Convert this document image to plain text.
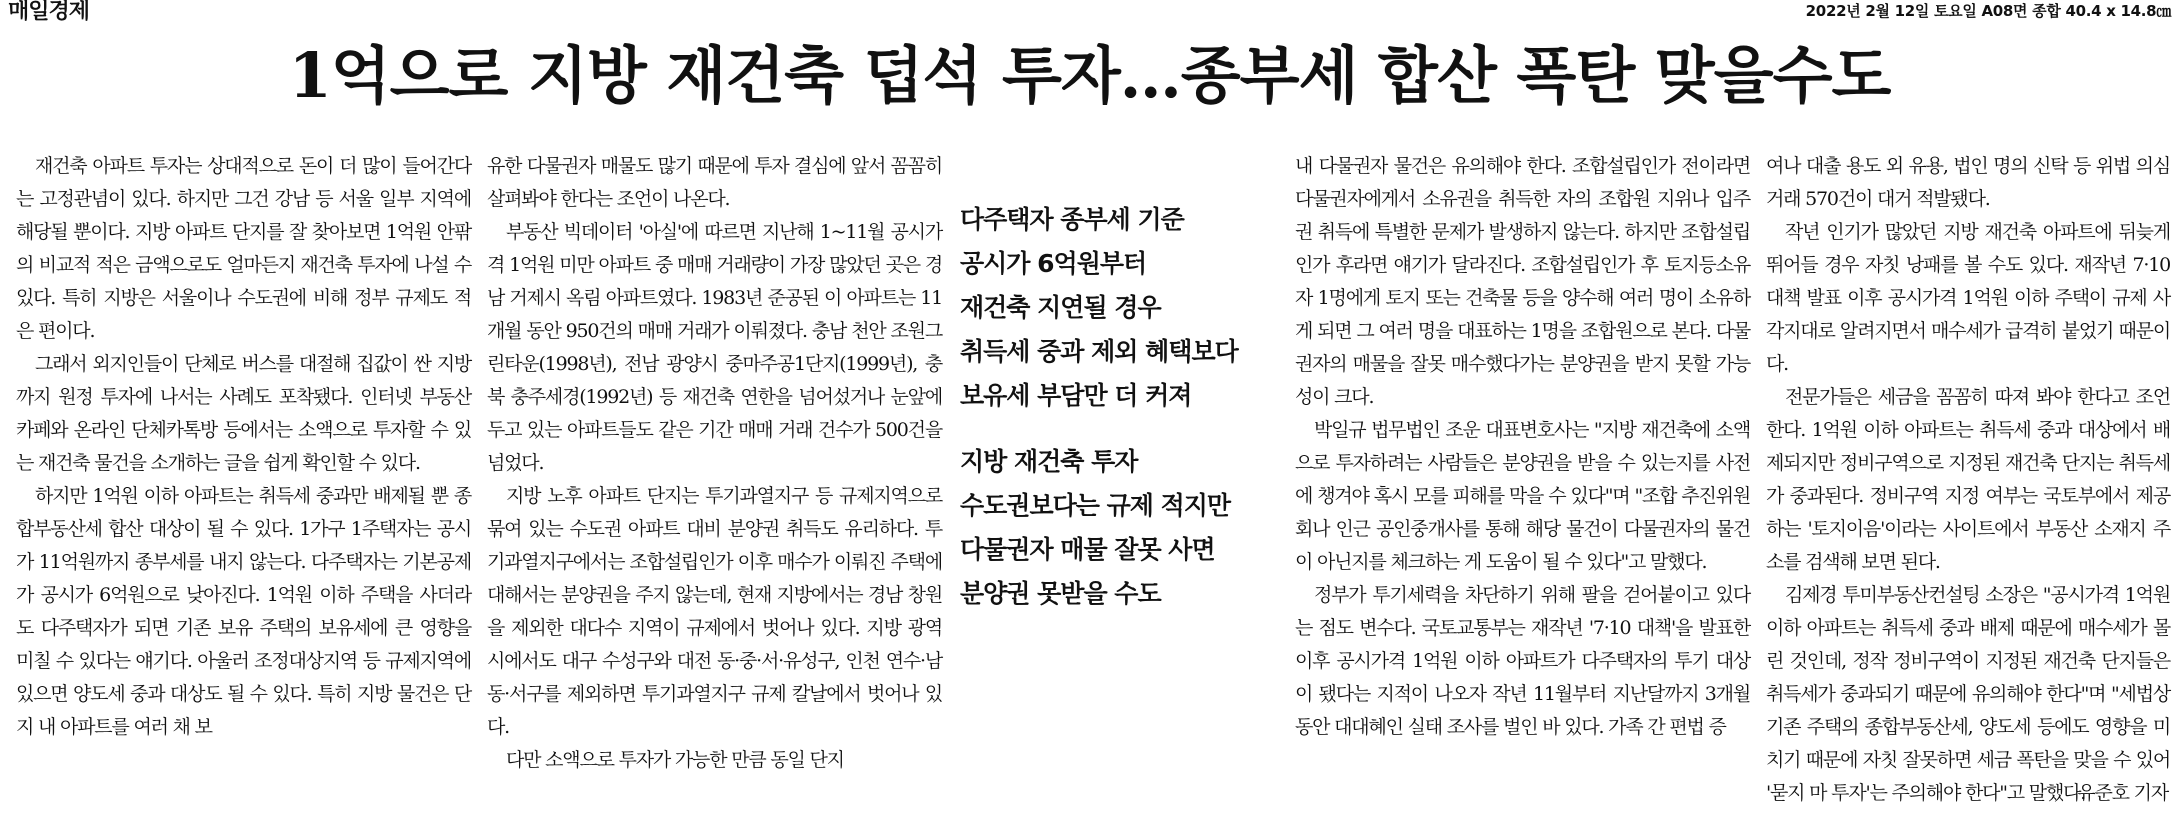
매일경제	2022년 2월 12일 토요일 A08면 종합 40.4 x 14.8㎝
1억으로 지방 재건축 덥석 투자…종부세 합산 폭탄 맞을수도

재건축 아파트 투자는 상대적으로 돈이 더 많이 들어간다는 고정관념이 있다. 하지만 그건 강남 등 서울 일부 지역에 해당될 뿐이다. 지방 아파트 단지를 잘 찾아보면 1억원 안팎의 비교적 적은 금액으로도 얼마든지 재건축 투자에 나설 수 있다. 특히 지방은 서울이나 수도권에 비해 정부 규제도 적은 편이다.

그래서 외지인들이 단체로 버스를 대절해 집값이 싼 지방까지 원정 투자에 나서는 사례도 포착됐다. 인터넷 부동산 카페와 온라인 단체카톡방 등에서는 소액으로 투자할 수 있는 재건축 물건을 소개하는 글을 쉽게 확인할 수 있다.

하지만 1억원 이하 아파트는 취득세 중과만 배제될 뿐 종합부동산세 합산 대상이 될 수 있다. 1가구 1주택자는 공시가 11억원까지 종부세를 내지 않는다. 다주택자는 기본공제가 공시가 6억원으로 낮아진다. 1억원 이하 주택을 사더라도 다주택자가 되면 기존 보유 주택의 보유세에 큰 영향을 미칠 수 있다는 얘기다. 아울러 조정대상지역 등 규제지역에 있으면 양도세 중과 대상도 될 수 있다. 특히 지방 물건은 단지 내 아파트를 여러 채 보

유한 다물권자 매물도 많기 때문에 투자 결심에 앞서 꼼꼼히 살펴봐야 한다는 조언이 나온다.

부동산 빅데이터 '아실'에 따르면 지난해 1~11월 공시가격 1억원 미만 아파트 중 매매 거래량이 가장 많았던 곳은 경남 거제시 옥림 아파트였다. 1983년 준공된 이 아파트는 11개월 동안 950건의 매매 거래가 이뤄졌다. 충남 천안 조원그린타운(1998년), 전남 광양시 중마주공1단지(1999년), 충북 충주세경(1992년) 등 재건축 연한을 넘어섰거나 눈앞에 두고 있는 아파트들도 같은 기간 매매 거래 건수가 500건을 넘었다.

지방 노후 아파트 단지는 투기과열지구 등 규제지역으로 묶여 있는 수도권 아파트 대비 분양권 취득도 유리하다. 투기과열지구에서는 조합설립인가 이후 매수가 이뤄진 주택에 대해서는 분양권을 주지 않는데, 현재 지방에서는 경남 창원을 제외한 대다수 지역이 규제에서 벗어나 있다. 지방 광역시에서도 대구 수성구와 대전 동·중·서·유성구, 인천 연수·남동·서구를 제외하면 투기과열지구 규제 칼날에서 벗어나 있다.

다만 소액으로 투자가 가능한 만큼 동일 단지

다주택자 종부세 기준
공시가 6억원부터
재건축 지연될 경우
취득세 중과 제외 혜택보다
보유세 부담만 더 커져
지방 재건축 투자
수도권보다는 규제 적지만
다물권자 매물 잘못 사면
분양권 못받을 수도

내 다물권자 물건은 유의해야 한다. 조합설립인가 전이라면 다물권자에게서 소유권을 취득한 자의 조합원 지위나 입주권 취득에 특별한 문제가 발생하지 않는다. 하지만 조합설립인가 후라면 얘기가 달라진다. 조합설립인가 후 토지등소유자 1명에게 토지 또는 건축물 등을 양수해 여러 명이 소유하게 되면 그 여러 명을 대표하는 1명을 조합원으로 본다. 다물권자의 매물을 잘못 매수했다가는 분양권을 받지 못할 가능성이 크다.

박일규 법무법인 조운 대표변호사는 "지방 재건축에 소액으로 투자하려는 사람들은 분양권을 받을 수 있는지를 사전에 챙겨야 혹시 모를 피해를 막을 수 있다"며 "조합 추진위원회나 인근 공인중개사를 통해 해당 물건이 다물권자의 물건이 아닌지를 체크하는 게 도움이 될 수 있다"고 말했다.

정부가 투기세력을 차단하기 위해 팔을 걷어붙이고 있다는 점도 변수다. 국토교통부는 재작년 '7·10 대책'을 발표한 이후 공시가격 1억원 이하 아파트가 다주택자의 투기 대상이 됐다는 지적이 나오자 작년 11월부터 지난달까지 3개월 동안 대대혜인 실태 조사를 벌인 바 있다. 가족 간 편법 증

여나 대출 용도 외 유용, 법인 명의 신탁 등 위법 의심 거래 570건이 대거 적발됐다.

작년 인기가 많았던 지방 재건축 아파트에 뒤늦게 뛰어들 경우 자칫 낭패를 볼 수도 있다. 재작년 7·10 대책 발표 이후 공시가격 1억원 이하 주택이 규제 사각지대로 알려지면서 매수세가 급격히 붙었기 때문이다.

전문가들은 세금을 꼼꼼히 따져 봐야 한다고 조언한다. 1억원 이하 아파트는 취득세 중과 대상에서 배제되지만 정비구역으로 지정된 재건축 단지는 취득세가 중과된다. 정비구역 지정 여부는 국토부에서 제공하는 '토지이음'이라는 사이트에서 부동산 소재지 주소를 검색해 보면 된다.

김제경 투미부동산컨설팅 소장은 "공시가격 1억원 이하 아파트는 취득세 중과 배제 때문에 매수세가 몰린 것인데, 정작 정비구역이 지정된 재건축 단지들은 취득세가 중과되기 때문에 유의해야 한다"며 "세법상 기존 주택의 종합부동산세, 양도세 등에도 영향을 미치기 때문에 자칫 잘못하면 세금 폭탄을 맞을 수 있어 '묻지 마 투자'는 주의해야 한다"고 말했다.

유준호 기자
